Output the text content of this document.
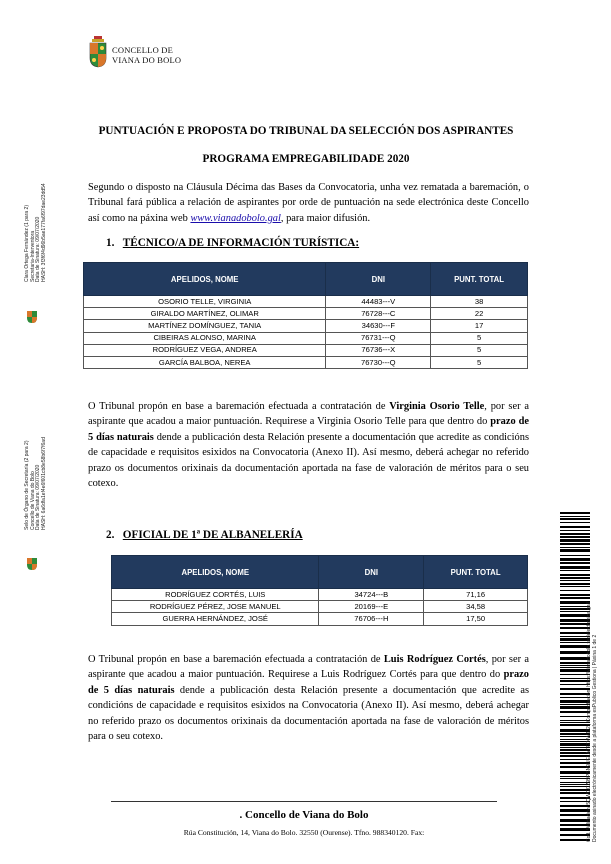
CONCELLO DE
VIANA DO BOLO
Clara Ortega Fernández (1 para 2) Secretaria-Interventora Data de Sinatura: 09/07/2020 HASH: 3f3f6f4d96b5ae177fa6f97dae23dd54
Selo de Órgano de Secretaría (2 para 2) Concello de Viana do Bolo Data de Sinatura: 09/07/2020 HASH: 6a6dfa1ef4e6f601cb8e58b6f7f6ad
Cod. Validación: 5QWGCZ99PSN9UELA77ZNWJJ2 | Comprobación: https://vianadobolo.sedelectronica.gal/ Documento asinado electrónicamente desde a plataforma esPublico Gestiona | Páxina 1 de 2
PUNTUACIÓN E PROPOSTA DO TRIBUNAL DA SELECCIÓN DOS ASPIRANTES
PROGRAMA EMPREGABILIDADE 2020
Segundo o disposto na Cláusula Décima das Bases da Convocatoria, unha vez rematada a baremación, o Tribunal fará pública a relación de aspirantes por orde de puntuación na sede electrónica deste Concello así como na páxina web www.vianadobolo.gal, para maior difusión.
1. TÉCNICO/A DE INFORMACIÓN TURÍSTICA:
APELIDOS, NOME	DNI	PUNT. TOTAL
OSORIO TELLE, VIRGINIA	44483---V	38
GIRALDO MARTÍNEZ, OLIMAR	76728---C	22
MARTÍNEZ DOMÍNGUEZ, TANIA	34630---F	17
CIBEIRAS ALONSO, MARINA	76731---Q	5
RODRÍGUEZ VEGA, ANDREA	76736---X	5
GARCÍA BALBOA, NEREA	76730---Q	5
O Tribunal propón en base a baremación efectuada a contratación de Virginia Osorio Telle, por ser a aspirante que acadou a maior puntuación. Requirese a Virginia Osorio Telle para que dentro do prazo de 5 días naturais dende a publicación desta Relación presente a documentación que acredite as condicións de capacidade e requisitos esixidos na Convocatoria (Anexo II). Así mesmo, deberá achegar no referido prazo os documentos orixinais da documentación aportada na fase de valoración de méritos para o seu cotexo.
2. OFICIAL DE 1ª DE ALBANELERÍA
APELIDOS, NOME	DNI	PUNT. TOTAL
RODRÍGUEZ CORTÉS, LUIS	34724---B	71,16
RODRÍGUEZ PÉREZ, JOSE MANUEL	20169---E	34,58
GUERRA HERNÁNDEZ, JOSÉ	76706---H	17,50
O Tribunal propón en base a baremación efectuada a contratación de Luis Rodríguez Cortés, por ser a aspirante que acadou a maior puntuación. Requirese a Luis Rodríguez Cortés para que dentro do prazo de 5 días naturais dende a publicación desta Relación presente a documentación que acredite as condicións de capacidade e requisitos esixidos na Convocatoria (Anexo II). Así mesmo, deberá achegar no referido prazo os documentos orixinais da documentación aportada na fase de valoración de méritos para o seu cotexo.
. Concello de Viana do Bolo
Rúa Constitución, 14, Viana do Bolo. 32550 (Ourense). Tfno. 988340120. Fax:
